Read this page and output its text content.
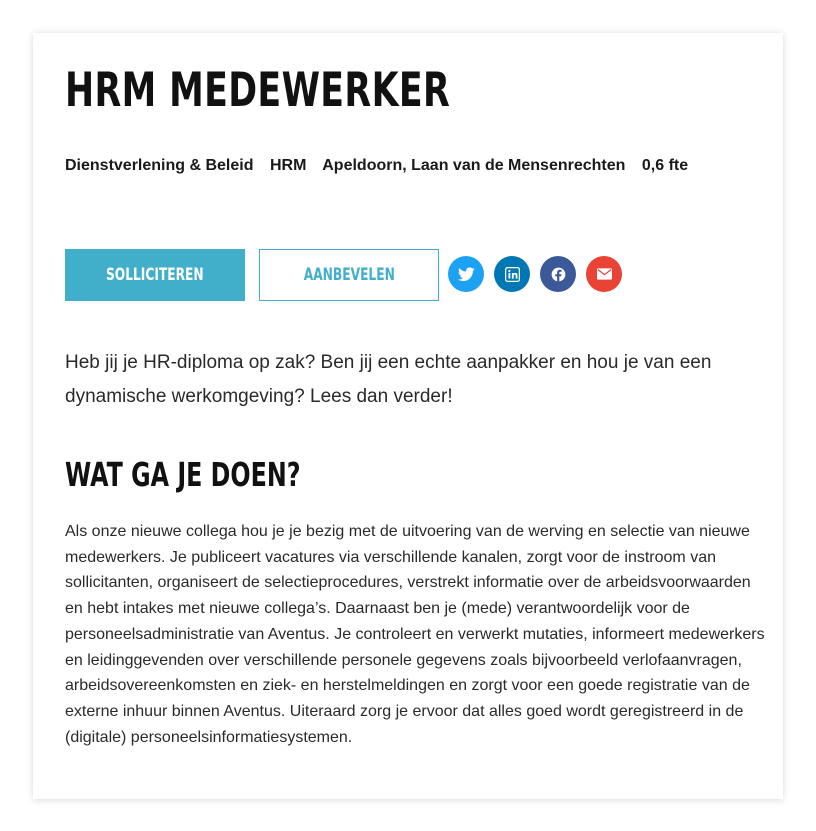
HRM MEDEWERKER
Dienstverlening & Beleid HRM Apeldoorn, Laan van de Mensenrechten 0,6 fte
SOLLICITEREN	AANBEVELEN

Heb jij je HR-diploma op zak? Ben jij een echte aanpakker en hou je van een dynamische werkomgeving? Lees dan verder!

WAT GA JE DOEN?

Als onze nieuwe collega hou je je bezig met de uitvoering van de werving en selectie van nieuwe medewerkers. Je publiceert vacatures via verschillende kanalen, zorgt voor de instroom van sollicitanten, organiseert de selectieprocedures, verstrekt informatie over de arbeidsvoorwaarden en hebt intakes met nieuwe collega’s. Daarnaast ben je (mede) verantwoordelijk voor de personeelsadministratie van Aventus. Je controleert en verwerkt mutaties, informeert medewerkers en leidinggevenden over verschillende personele gegevens zoals bijvoorbeeld verlofaanvragen, arbeidsovereenkomsten en ziek- en herstelmeldingen en zorgt voor een goede registratie van de externe inhuur binnen Aventus. Uiteraard zorg je ervoor dat alles goed wordt geregistreerd in de (digitale) personeelsinformatiesystemen.
